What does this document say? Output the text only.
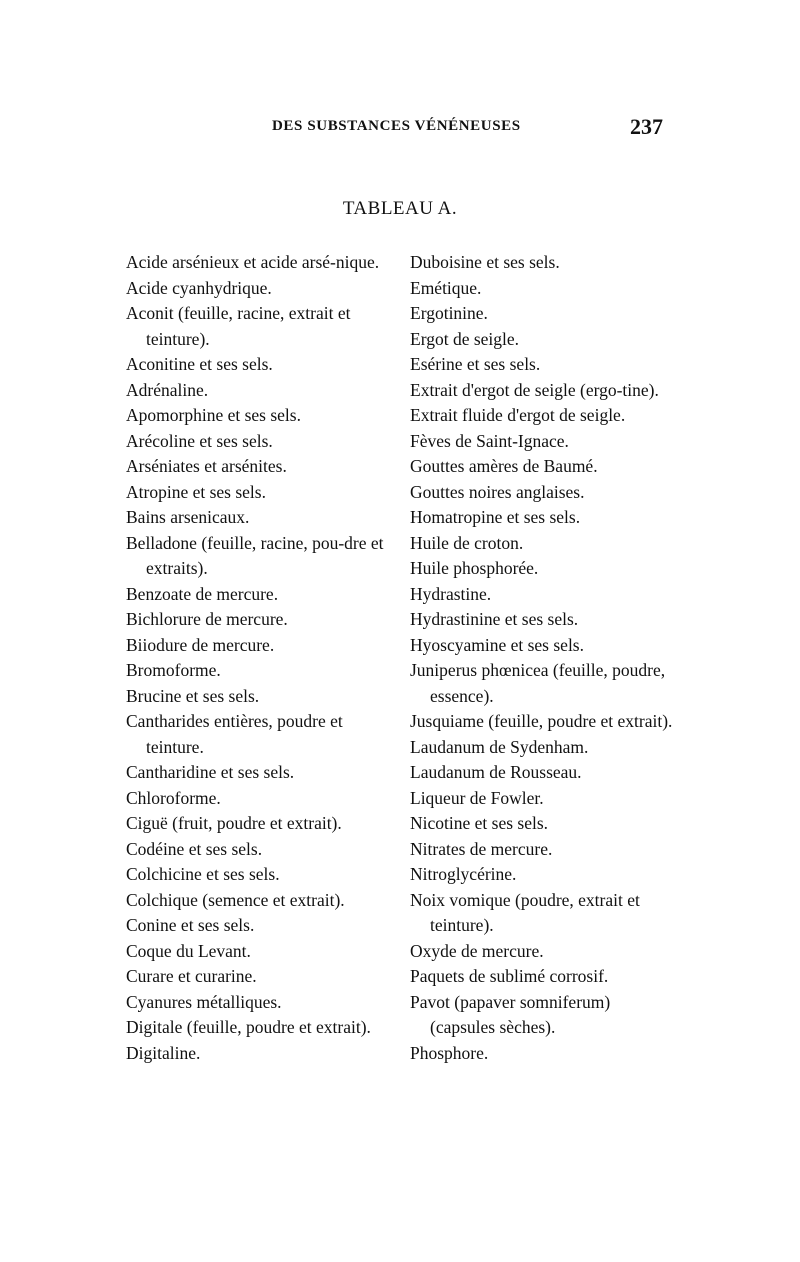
DES SUBSTANCES VÉNÉNEUSES	237
TABLEAU A.
Acide arsénieux et acide arsé-nique.
Acide cyanhydrique.
Aconit (feuille, racine, extrait et teinture).
Aconitine et ses sels.
Adrénaline.
Apomorphine et ses sels.
Arécoline et ses sels.
Arséniates et arsénites.
Atropine et ses sels.
Bains arsenicaux.
Belladone (feuille, racine, pou-dre et extraits).
Benzoate de mercure.
Bichlorure de mercure.
Biiodure de mercure.
Bromoforme.
Brucine et ses sels.
Cantharides entières, poudre et teinture.
Cantharidine et ses sels.
Chloroforme.
Ciguë (fruit, poudre et extrait).
Codéine et ses sels.
Colchicine et ses sels.
Colchique (semence et extrait).
Conine et ses sels.
Coque du Levant.
Curare et curarine.
Cyanures métalliques.
Digitale (feuille, poudre et extrait).
Digitaline.
Duboisine et ses sels.
Emétique.
Ergotinine.
Ergot de seigle.
Esérine et ses sels.
Extrait d'ergot de seigle (ergo-tine).
Extrait fluide d'ergot de seigle.
Fèves de Saint-Ignace.
Gouttes amères de Baumé.
Gouttes noires anglaises.
Homatropine et ses sels.
Huile de croton.
Huile phosphorée.
Hydrastine.
Hydrastinine et ses sels.
Hyoscyamine et ses sels.
Juniperus phœnicea (feuille, poudre, essence).
Jusquiame (feuille, poudre et extrait).
Laudanum de Sydenham.
Laudanum de Rousseau.
Liqueur de Fowler.
Nicotine et ses sels.
Nitrates de mercure.
Nitroglycérine.
Noix vomique (poudre, extrait et teinture).
Oxyde de mercure.
Paquets de sublimé corrosif.
Pavot (papaver somniferum) (capsules sèches).
Phosphore.
